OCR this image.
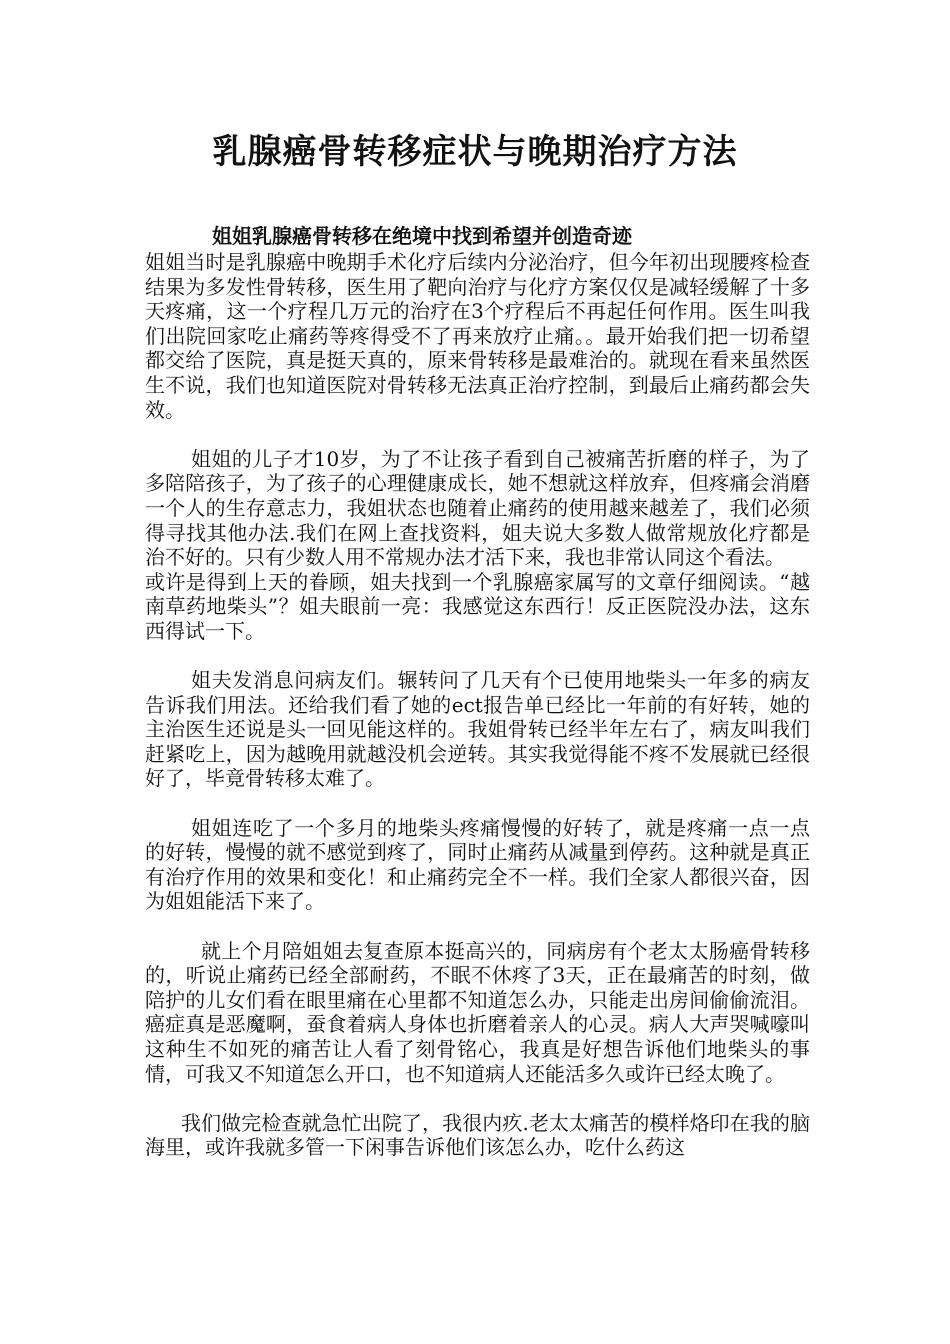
乳腺癌骨转移症状与晚期治疗方法
姐姐乳腺癌骨转移在绝境中找到希望并创造奇迹

姐姐当时是乳腺癌中晚期手术化疗后续内分泌治疗，但今年初出现腰疼检查结果为多发性骨转移，医生用了靶向治疗与化疗方案仅仅是减轻缓解了十多天疼痛，这一个疗程几万元的治疗在3个疗程后不再起任何作用。医生叫我们出院回家吃止痛药等疼得受不了再来放疗止痛。。最开始我们把一切希望都交给了医院，真是挺天真的，原来骨转移是最难治的。就现在看来虽然医生不说，我们也知道医院对骨转移无法真正治疗控制，到最后止痛药都会失效。

姐姐的儿子才10岁，为了不让孩子看到自己被痛苦折磨的样子，为了多陪陪孩子，为了孩子的心理健康成长，她不想就这样放弃，但疼痛会消磨一个人的生存意志力，我姐状态也随着止痛药的使用越来越差了，我们必须得寻找其他办法.我们在网上查找资料，姐夫说大多数人做常规放化疗都是治不好的。只有少数人用不常规办法才活下来，我也非常认同这个看法。

或许是得到上天的眷顾，姐夫找到一个乳腺癌家属写的文章仔细阅读。“越南草药地柴头”？姐夫眼前一亮：我感觉这东西行！反正医院没办法，这东西得试一下。

姐夫发消息问病友们。辗转问了几天有个已使用地柴头一年多的病友告诉我们用法。还给我们看了她的ect报告单已经比一年前的有好转，她的主治医生还说是头一回见能这样的。我姐骨转已经半年左右了，病友叫我们赶紧吃上，因为越晚用就越没机会逆转。其实我觉得能不疼不发展就已经很好了，毕竟骨转移太难了。

姐姐连吃了一个多月的地柴头疼痛慢慢的好转了，就是疼痛一点一点的好转，慢慢的就不感觉到疼了，同时止痛药从减量到停药。这种就是真正有治疗作用的效果和变化！和止痛药完全不一样。我们全家人都很兴奋，因为姐姐能活下来了。

就上个月陪姐姐去复查原本挺高兴的，同病房有个老太太肠癌骨转移的，听说止痛药已经全部耐药，不眠不休疼了3天，正在最痛苦的时刻，做陪护的儿女们看在眼里痛在心里都不知道怎么办，只能走出房间偷偷流泪。癌症真是恶魔啊，蚕食着病人身体也折磨着亲人的心灵。病人大声哭喊嚎叫这种生不如死的痛苦让人看了刻骨铭心，我真是好想告诉他们地柴头的事情，可我又不知道怎么开口，也不知道病人还能活多久或许已经太晚了。

我们做完检查就急忙出院了，我很内疚.老太太痛苦的模样烙印在我的脑海里，或许我就多管一下闲事告诉他们该怎么办，吃什么药这
